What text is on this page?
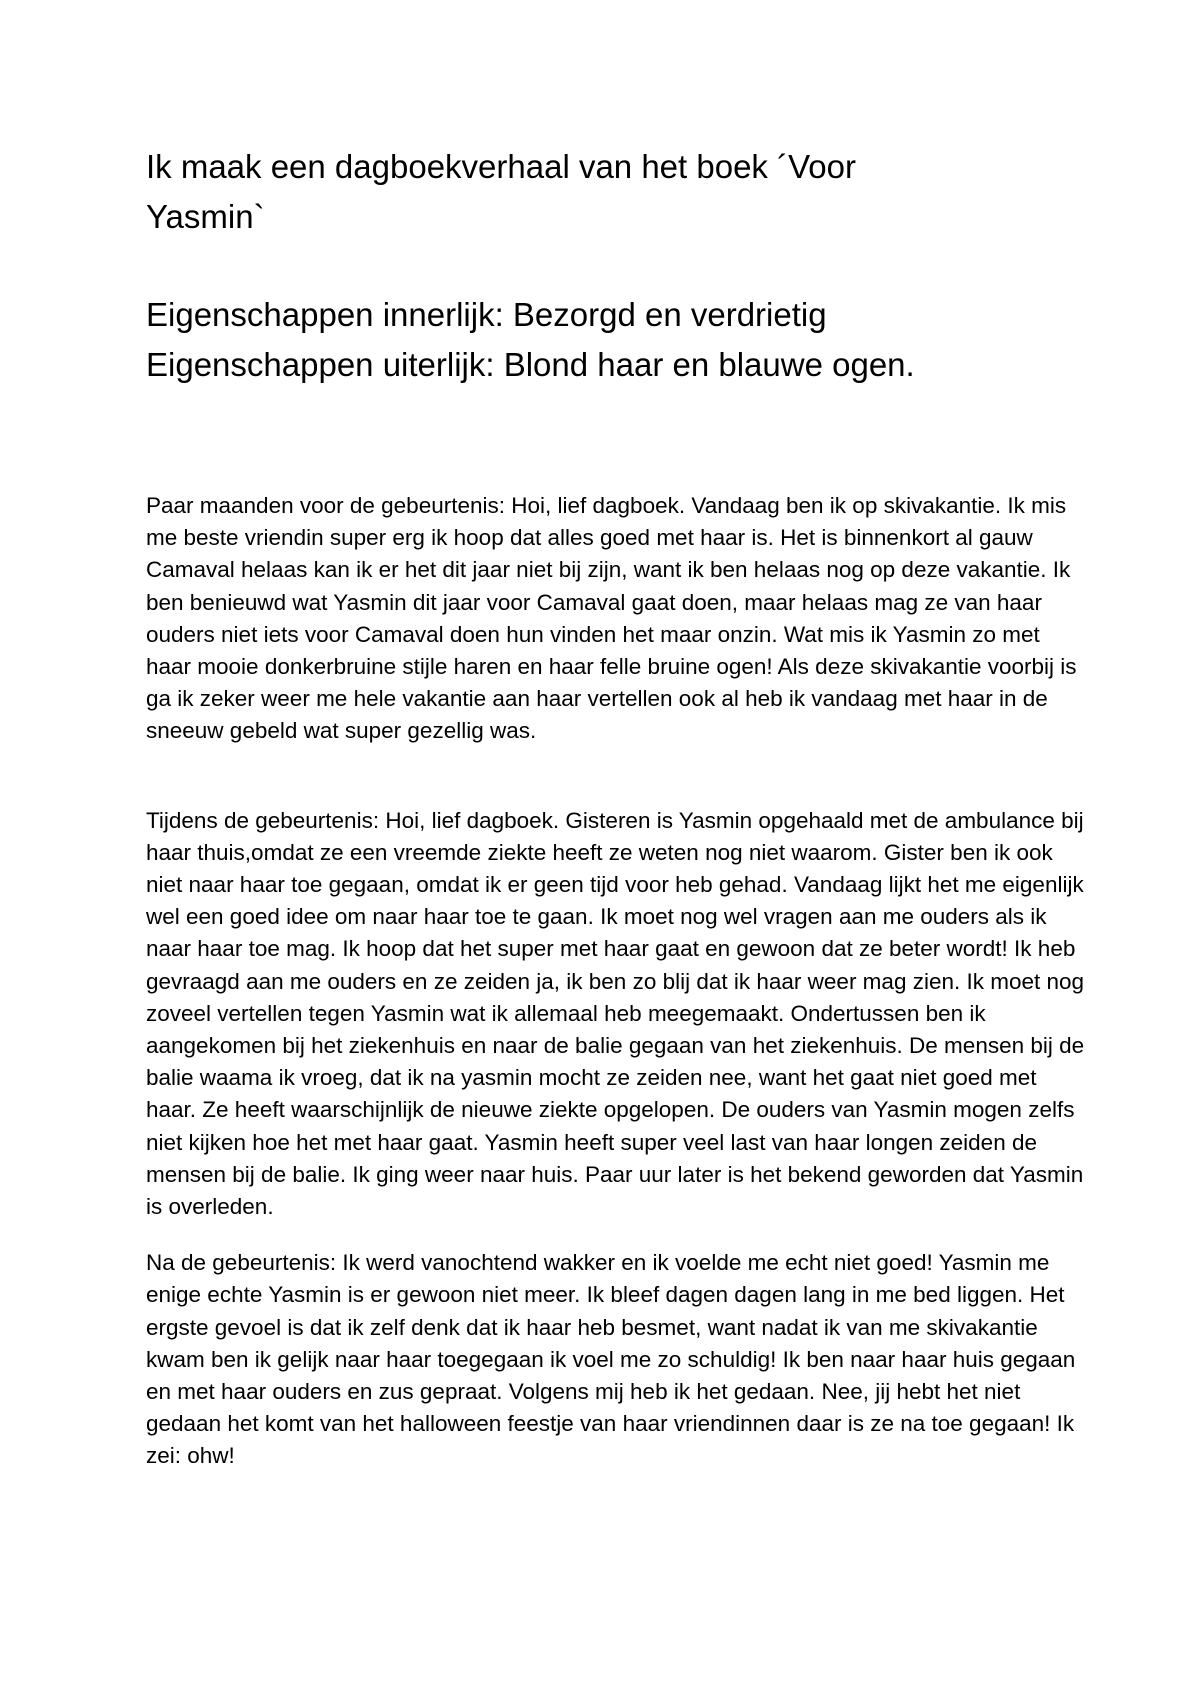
Ik maak een dagboekverhaal van het boek ´Voor Yasmin`

Eigenschappen innerlijk: Bezorgd en verdrietig

Eigenschappen uiterlijk: Blond haar en blauwe ogen.

Paar maanden voor de gebeurtenis: Hoi, lief dagboek. Vandaag ben ik op skivakantie. Ik mis me beste vriendin super erg ik hoop dat alles goed met haar is. Het is binnenkort al gauw Camaval helaas kan ik er het dit jaar niet bij zijn, want ik ben helaas nog op deze vakantie. Ik ben benieuwd wat Yasmin dit jaar voor Camaval gaat doen, maar helaas mag ze van haar ouders niet iets voor Camaval doen hun vinden het maar onzin. Wat mis ik Yasmin zo met haar mooie donkerbruine stijle haren en haar felle bruine ogen! Als deze skivakantie voorbij is ga ik zeker weer me hele vakantie aan haar vertellen ook al heb ik vandaag met haar in de sneeuw gebeld wat super gezellig was.

Tijdens de gebeurtenis: Hoi, lief dagboek. Gisteren is Yasmin opgehaald met de ambulance bij haar thuis,omdat ze een vreemde ziekte heeft ze weten nog niet waarom. Gister ben ik ook niet naar haar toe gegaan, omdat ik er geen tijd voor heb gehad. Vandaag lijkt het me eigenlijk wel een goed idee om naar haar toe te gaan. Ik moet nog wel vragen aan me ouders als ik naar haar toe mag. Ik hoop dat het super met haar gaat en gewoon dat ze beter wordt! Ik heb gevraagd aan me ouders en ze zeiden ja, ik ben zo blij dat ik haar weer mag zien. Ik moet nog zoveel vertellen tegen Yasmin wat ik allemaal heb meegemaakt. Ondertussen ben ik aangekomen bij het ziekenhuis en naar de balie gegaan van het ziekenhuis. De mensen bij de balie waama ik vroeg, dat ik na yasmin mocht ze zeiden nee, want het gaat niet goed met haar. Ze heeft waarschijnlijk de nieuwe ziekte opgelopen. De ouders van Yasmin mogen zelfs niet kijken hoe het met haar gaat. Yasmin heeft super veel last van haar longen zeiden de mensen bij de balie. Ik ging weer naar huis. Paar uur later is het bekend geworden dat Yasmin is overleden.

Na de gebeurtenis: Ik werd vanochtend wakker en ik voelde me echt niet goed! Yasmin me enige echte Yasmin is er gewoon niet meer. Ik bleef dagen dagen lang in me bed liggen. Het ergste gevoel is dat ik zelf denk dat ik haar heb besmet, want nadat ik van me skivakantie kwam ben ik gelijk naar haar toegegaan ik voel me zo schuldig! Ik ben naar haar huis gegaan en met haar ouders en zus gepraat. Volgens mij heb ik het gedaan. Nee, jij hebt het niet gedaan het komt van het halloween feestje van haar vriendinnen daar is ze na toe gegaan! Ik zei: ohw!
